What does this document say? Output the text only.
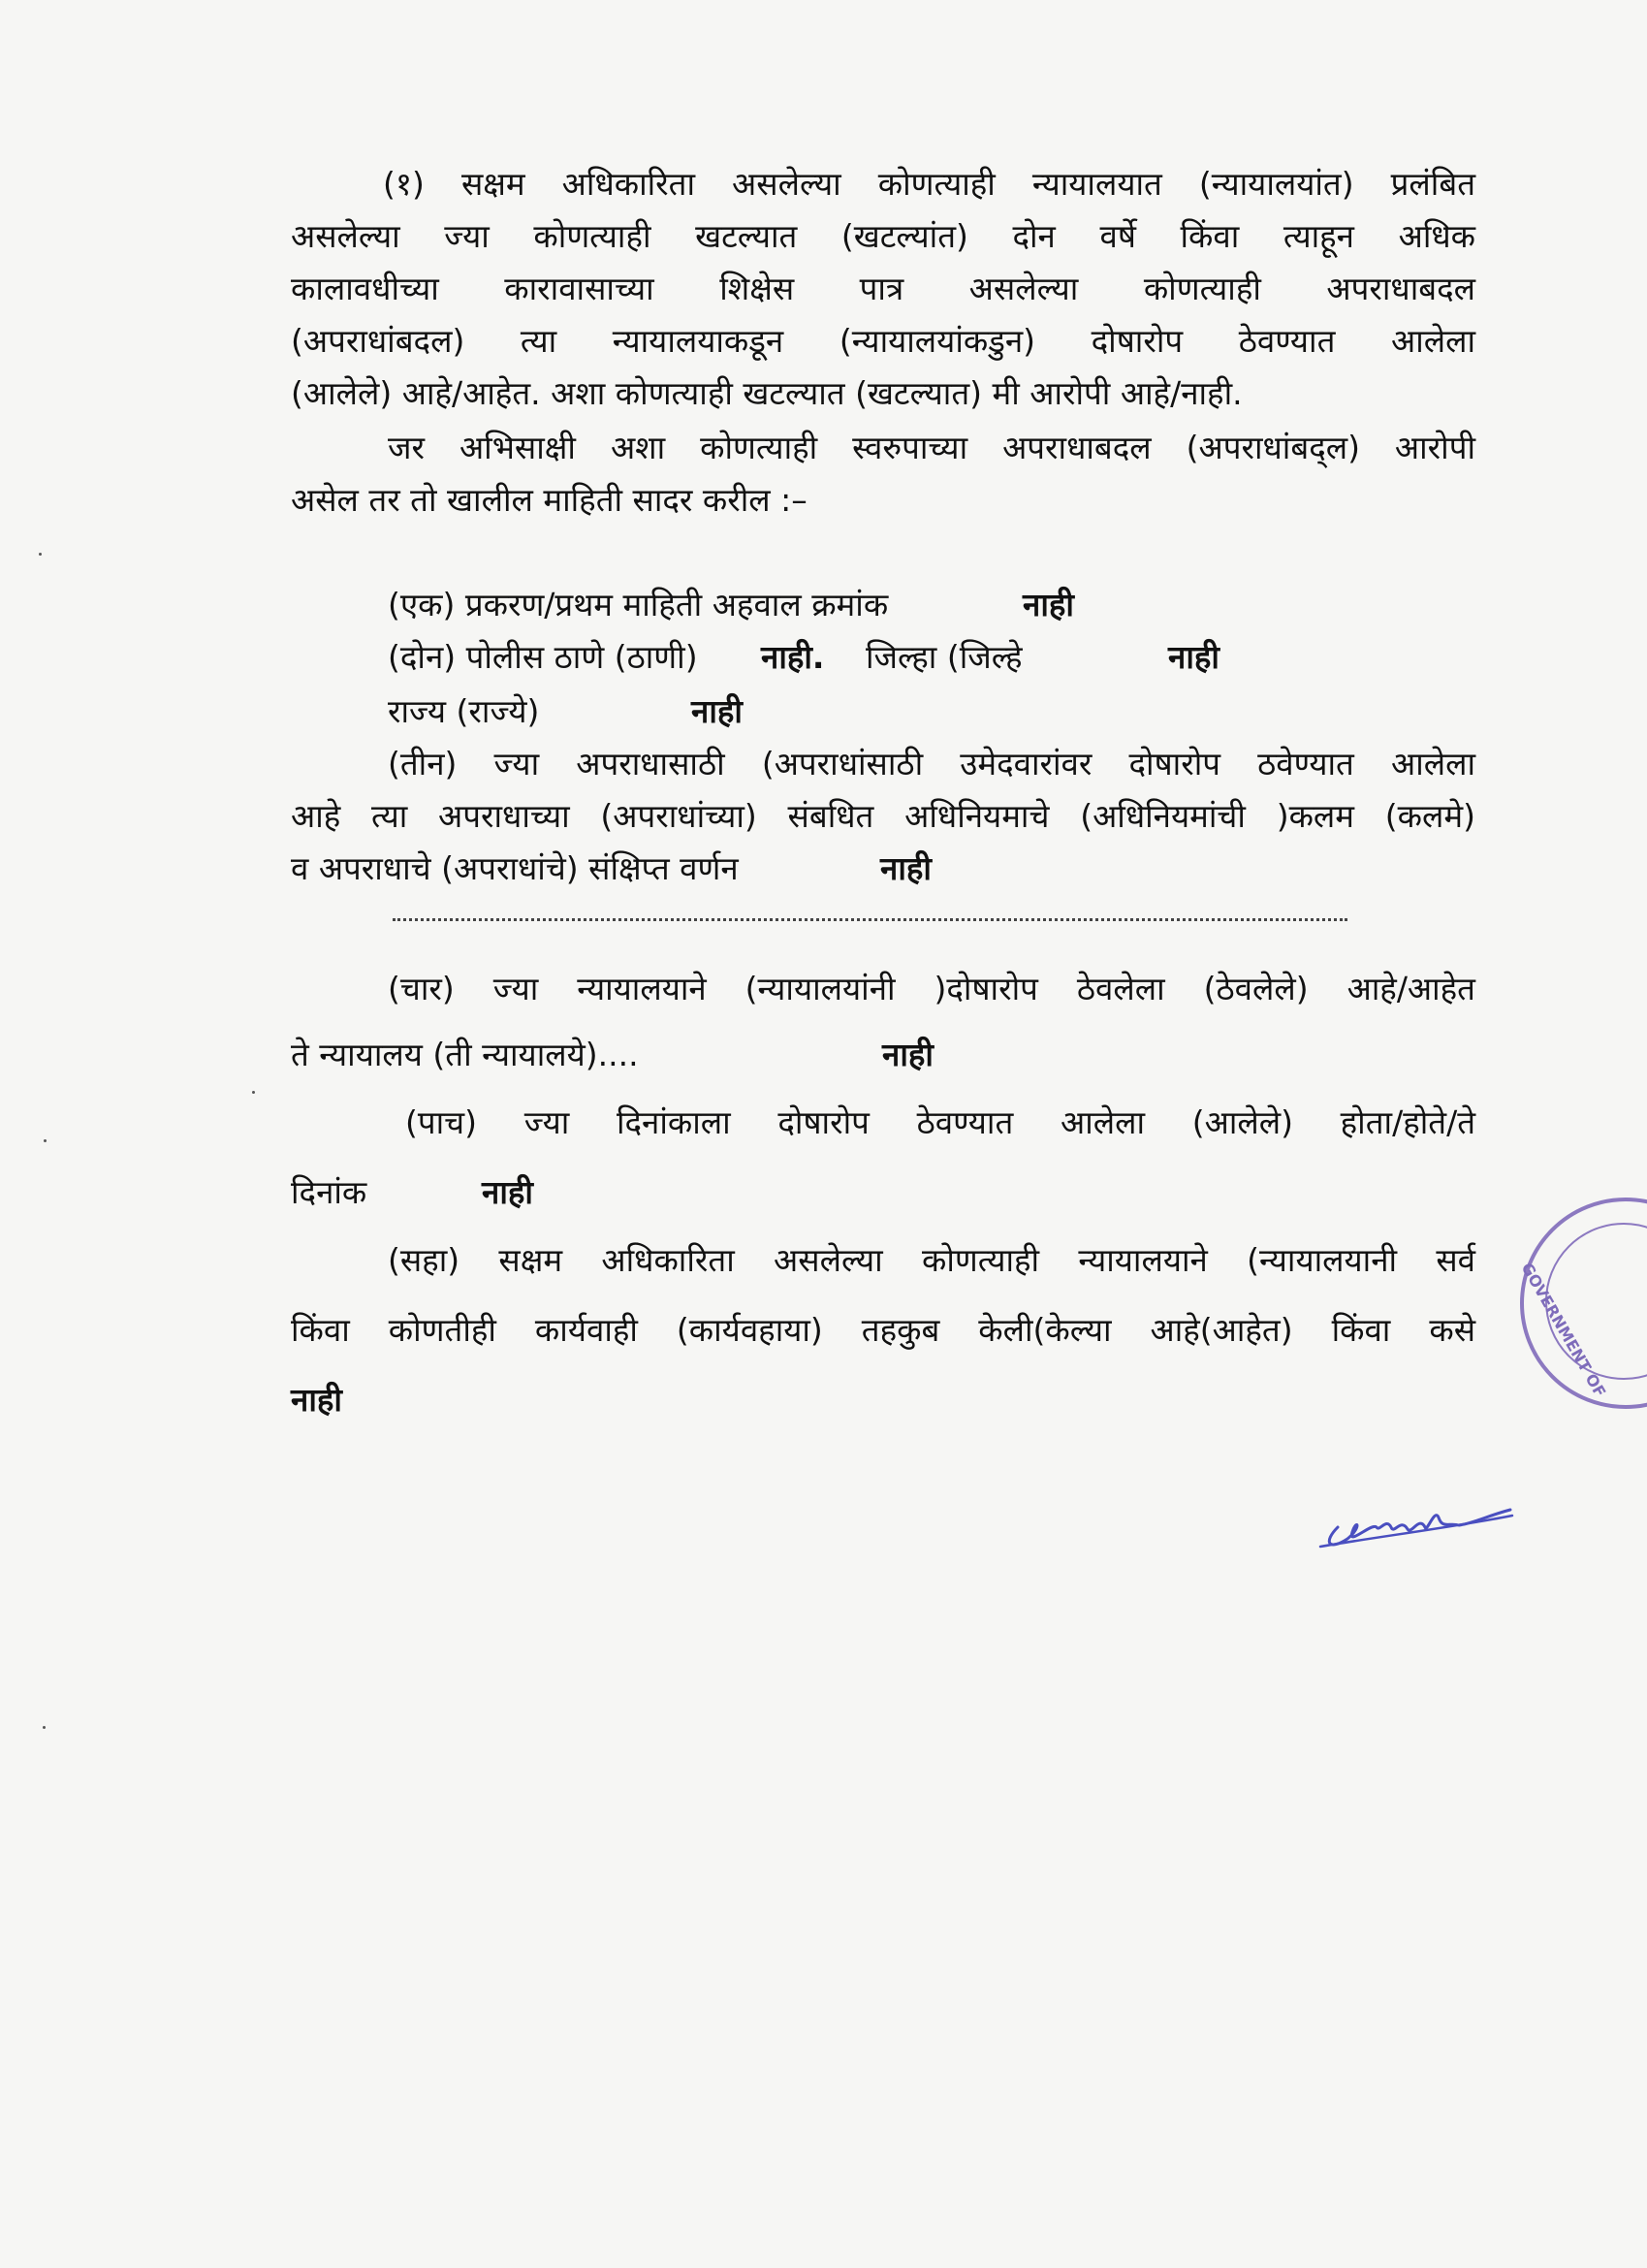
(१) सक्षम अधिकारिता असलेल्या कोणत्याही न्यायालयात (न्यायालयांत) प्रलंबित
असलेल्या ज्या कोणत्याही खटल्यात (खटल्यांत) दोन वर्षे किंवा त्याहून अधिक
कालावधीच्या कारावासाच्या शिक्षेस पात्र असलेल्या कोणत्याही अपराधाबदल
(अपराधांबदल) त्या न्यायालयाकडून (न्यायालयांकडुन) दोषारोप ठेवण्यात आलेला
(आलेले) आहे/आहेत. अशा कोणत्याही खटल्यात (खटल्यात) मी आरोपी आहे/नाही.
जर अभिसाक्षी अशा कोणत्याही स्वरुपाच्या अपराधाबदल (अपराधांबद्ल) आरोपी
असेल तर तो खालील माहिती सादर करील :–
(एक) प्रकरण/प्रथम माहिती अहवाल क्रमांक	नाही
(दोन) पोलीस ठाणे (ठाणी)	नाही.	जिल्हा (जिल्हे	नाही
राज्य (राज्ये)	नाही
(तीन) ज्या अपराधासाठी (अपराधांसाठी उमेदवारांवर दोषारोप ठवेण्यात आलेला
आहे त्या अपराधाच्या (अपराधांच्या) संबधित अधिनियमाचे (अधिनियमांची )कलम (कलमे)
व अपराधाचे (अपराधांचे) संक्षिप्त वर्णन	नाही
(चार) ज्या न्यायालयाने (न्यायालयांनी )दोषारोप ठेवलेला (ठेवलेले) आहे/आहेत
ते न्यायालय (ती न्यायालये)....	नाही
(पाच) ज्या दिनांकाला दोषारोप ठेवण्यात आलेला (आलेले) होता/होते/ते
दिनांक	नाही
(सहा) सक्षम अधिकारिता असलेल्या कोणत्याही न्यायालयाने (न्यायालयानी सर्व
किंवा कोणतीही कार्यवाही (कार्यवहाया) तहकुब केली(केल्या आहे(आहेत) किंवा कसे
नाही	GOVERNMENT OF
